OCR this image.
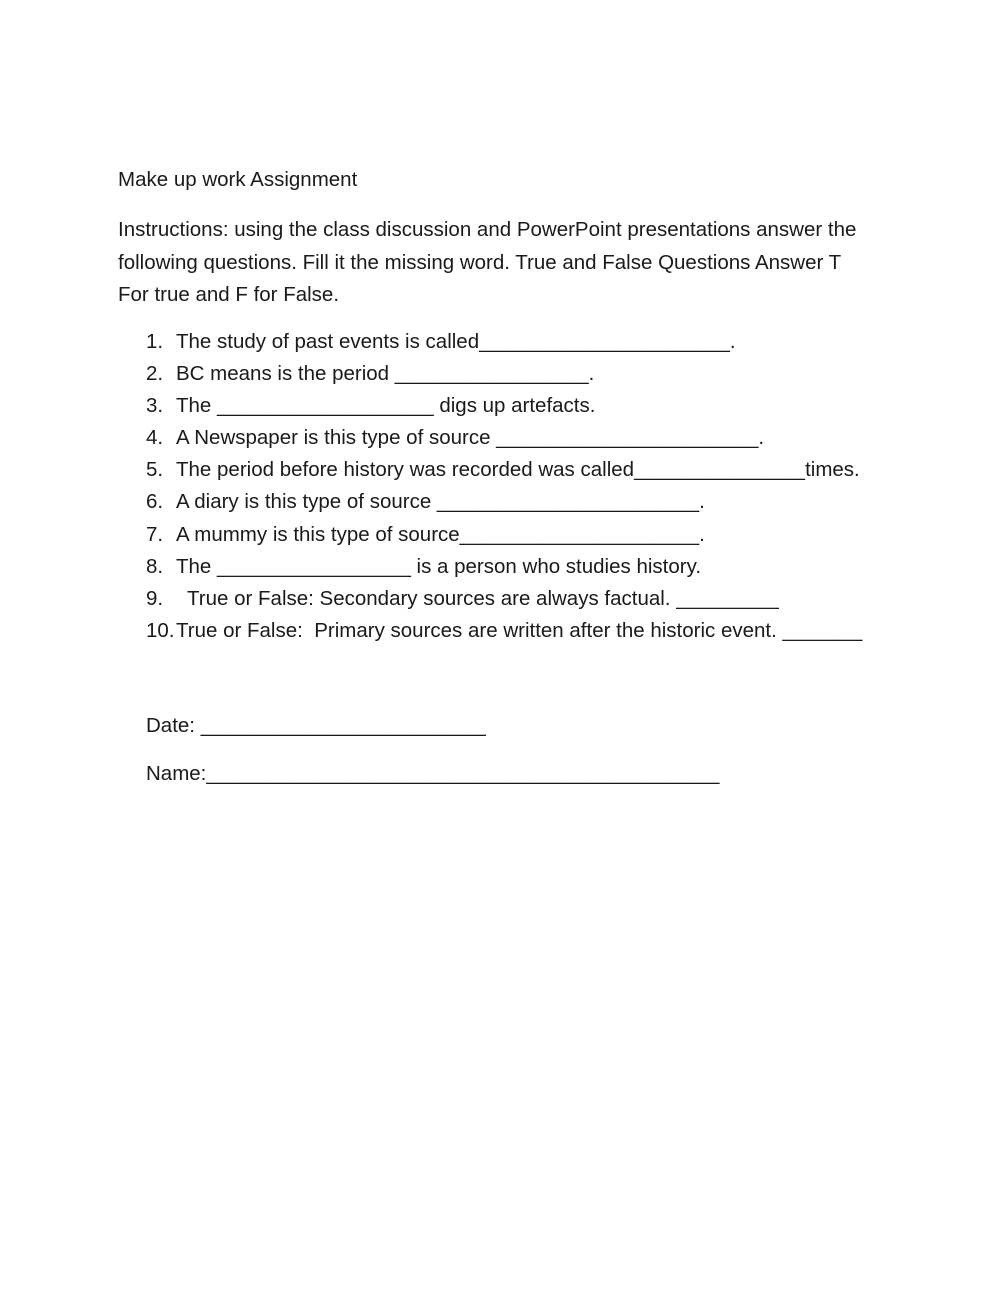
Make up work Assignment
Instructions: using the class discussion and PowerPoint presentations answer the
following questions. Fill it the missing word. True and False Questions Answer T
For true and F for False.
1. The study of past events is called______________________.
2. BC means is the period _________________.
3. The ___________________ digs up artefacts.
4. A Newspaper is this type of source _______________________.
5. The period before history was recorded was called_______________times.
6. A diary is this type of source _______________________.
7. A mummy is this type of source_____________________.
8. The _________________ is a person who studies history.
9.  True or False: Secondary sources are always factual. _________
10.True or False:  Primary sources are written after the historic event. _______
Date: _________________________
Name:_____________________________________________
